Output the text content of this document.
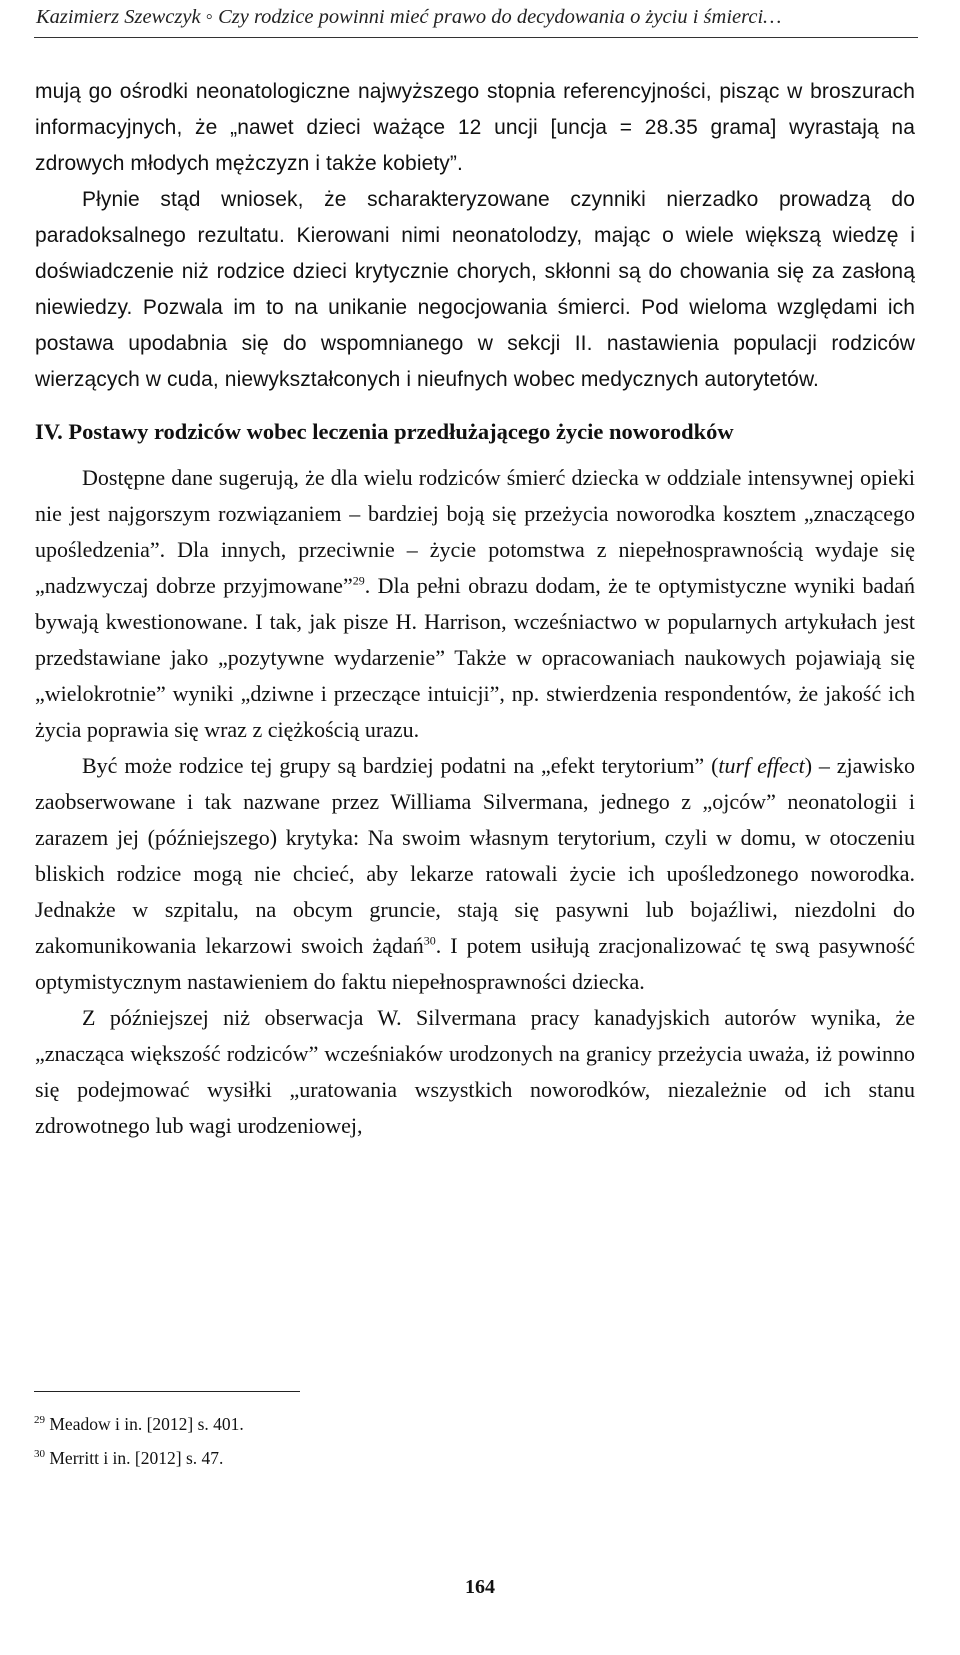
Kazimierz Szewczyk ◦ Czy rodzice powinni mieć prawo do decydowania o życiu i śmierci…

mują go ośrodki neonatologiczne najwyższego stopnia referencyjności, pisząc w broszurach informacyjnych, że „nawet dzieci ważące 12 uncji [uncja = 28.35 grama] wyrastają na zdrowych młodych mężczyzn i także kobiety”.

Płynie stąd wniosek, że scharakteryzowane czynniki nierzadko prowadzą do paradoksalnego rezultatu. Kierowani nimi neonatolodzy, mając o wiele większą wiedzę i doświadczenie niż rodzice dzieci krytycznie chorych, skłonni są do chowania się za zasłoną niewiedzy. Pozwala im to na unikanie negocjowania śmierci. Pod wieloma względami ich postawa upodabnia się do wspomnianego w sekcji II. nastawienia populacji rodziców wierzących w cuda, niewykształconych i nieufnych wobec medycznych autorytetów.

IV. Postawy rodziców wobec leczenia przedłużającego życie noworodków

Dostępne dane sugerują, że dla wielu rodziców śmierć dziecka w oddziale intensywnej opieki nie jest najgorszym rozwiązaniem – bardziej boją się przeżycia noworodka kosztem „znaczącego upośledzenia”. Dla innych, przeciwnie – życie potomstwa z niepełnosprawnością wydaje się „nadzwyczaj dobrze przyjmowane”$^{29}$. Dla pełni obrazu dodam, że te optymistyczne wyniki badań bywają kwestionowane. I tak, jak pisze H. Harrison, wcześniactwo w popularnych artykułach jest przedstawiane jako „pozytywne wydarzenie” Także w opracowaniach naukowych pojawiają się „wielokrotnie” wyniki „dziwne i przeczące intuicji”, np. stwierdzenia respondentów, że jakość ich życia poprawia się wraz z ciężkością urazu.

Być może rodzice tej grupy są bardziej podatni na „efekt terytorium” (turf effect) – zjawisko zaobserwowane i tak nazwane przez Williama Silvermana, jednego z „ojców” neonatologii i zarazem jej (późniejszego) krytyka: Na swoim własnym terytorium, czyli w domu, w otoczeniu bliskich rodzice mogą nie chcieć, aby lekarze ratowali życie ich upośledzonego noworodka. Jednakże w szpitalu, na obcym gruncie, stają się pasywni lub bojaźliwi, niezdolni do zakomunikowania lekarzowi swoich żądań$^{30}$. I potem usiłują zracjonalizować tę swą pasywność optymistycznym nastawieniem do faktu niepełnosprawności dziecka.

Z późniejszej niż obserwacja W. Silvermana pracy kanadyjskich autorów wynika, że „znacząca większość rodziców” wcześniaków urodzonych na granicy przeżycia uważa, iż powinno się podejmować wysiłki „uratowania wszystkich noworodków, niezależnie od ich stanu zdrowotnego lub wagi urodzeniowej,

$^{29}$ Meadow i in. [2012] s. 401.
$^{30}$ Merritt i in. [2012] s. 47.
164
